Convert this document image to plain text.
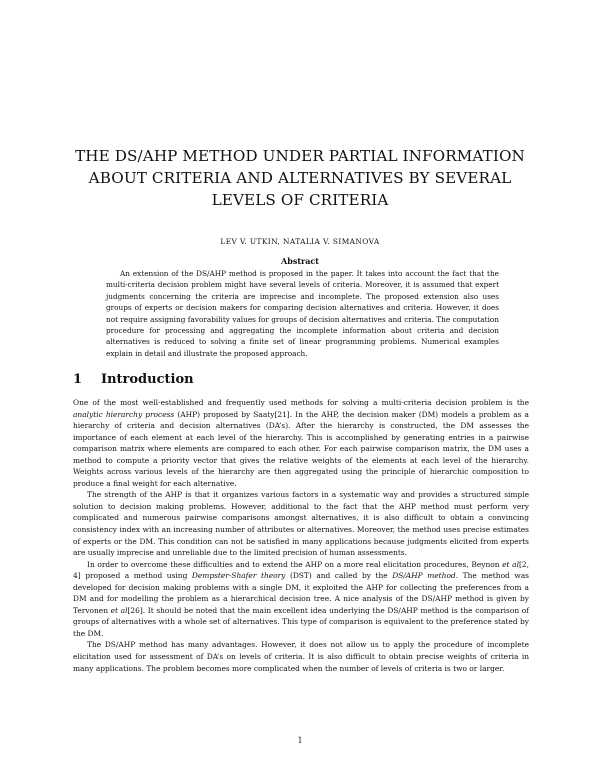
THE DS/AHP METHOD UNDER PARTIAL INFORMATION
ABOUT CRITERIA AND ALTERNATIVES BY SEVERAL
LEVELS OF CRITERIA
LEV V. UTKIN, NATALIA V. SIMANOVA
Abstract

An extension of the DS/AHP method is proposed in the paper. It takes into account the fact that the multi-criteria decision problem might have several levels of criteria. Moreover, it is assumed that expert judgments concerning the criteria are imprecise and incomplete. The proposed extension also uses groups of experts or decision makers for comparing decision alternatives and criteria. However, it does not require assigning favorability values for groups of decision alternatives and criteria. The computation procedure for processing and aggregating the incomplete information about criteria and decision alternatives is reduced to solving a finite set of linear programming problems. Numerical examples explain in detail and illustrate the proposed approach.

1 Introduction

One of the most well-established and frequently used methods for solving a multi-criteria decision problem is the analytic hierarchy process (AHP) proposed by Saaty[21]. In the AHP, the decision maker (DM) models a problem as a hierarchy of criteria and decision alternatives (DA’s). After the hierarchy is constructed, the DM assesses the importance of each element at each level of the hierarchy. This is accomplished by generating entries in a pairwise comparison matrix where elements are compared to each other. For each pairwise comparison matrix, the DM uses a method to compute a priority vector that gives the relative weights of the elements at each level of the hierarchy. Weights across various levels of the hierarchy are then aggregated using the principle of hierarchic composition to produce a final weight for each alternative.

The strength of the AHP is that it organizes various factors in a systematic way and provides a structured simple solution to decision making problems. However, additional to the fact that the AHP method must perform very complicated and numerous pairwise comparisons amongst alternatives, it is also difficult to obtain a convincing consistency index with an increasing number of attributes or alternatives. Moreover, the method uses precise estimates of experts or the DM. This condition can not be satisfied in many applications because judgments elicited from experts are usually imprecise and unreliable due to the limited precision of human assessments.

In order to overcome these difficulties and to extend the AHP on a more real elicitation procedures, Beynon et al[2, 4] proposed a method using Dempster-Shafer theory (DST) and called by the DS/AHP method. The method was developed for decision making problems with a single DM, it exploited the AHP for collecting the preferences from a DM and for modelling the problem as a hierarchical decision tree. A nice analysis of the DS/AHP method is given by Tervonen et al[26]. It should be noted that the main excellent idea underlying the DS/AHP method is the comparison of groups of alternatives with a whole set of alternatives. This type of comparison is equivalent to the preference stated by the DM.

The DS/AHP method has many advantages. However, it does not allow us to apply the procedure of incomplete elicitation used for assessment of DA’s on levels of criteria. It is also difficult to obtain precise weights of criteria in many applications. The problem becomes more complicated when the number of levels of criteria is two or larger.

1
